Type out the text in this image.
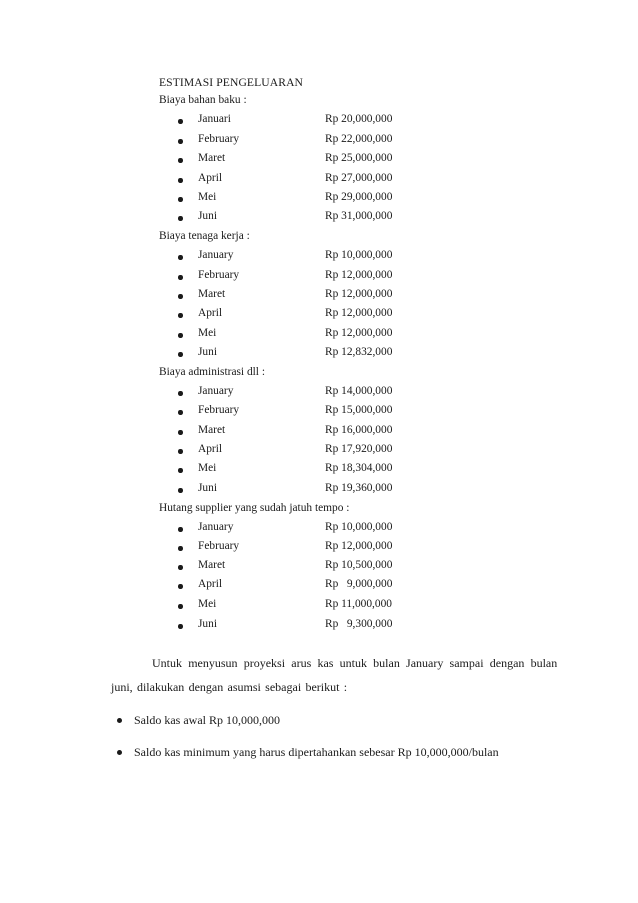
ESTIMASI PENGELUARAN
Biaya bahan baku :
Januari	Rp 20,000,000
February	Rp 22,000,000
Maret	Rp 25,000,000
April	Rp 27,000,000
Mei	Rp 29,000,000
Juni	Rp 31,000,000
Biaya tenaga kerja :
January	Rp 10,000,000
February	Rp 12,000,000
Maret	Rp 12,000,000
April	Rp 12,000,000
Mei	Rp 12,000,000
Juni	Rp 12,832,000
Biaya administrasi dll :
January	Rp 14,000,000
February	Rp 15,000,000
Maret	Rp 16,000,000
April	Rp 17,920,000
Mei	Rp 18,304,000
Juni	Rp 19,360,000
Hutang supplier yang sudah jatuh tempo :
January	Rp 10,000,000
February	Rp 12,000,000
Maret	Rp 10,500,000
April	Rp   9,000,000
Mei	Rp 11,000,000
Juni	Rp   9,300,000
Untuk menyusun proyeksi arus kas untuk bulan January sampai dengan bulan
juni, dilakukan dengan asumsi sebagai berikut :
Saldo kas awal Rp 10,000,000
Saldo kas minimum yang harus dipertahankan sebesar Rp 10,000,000/bulan
